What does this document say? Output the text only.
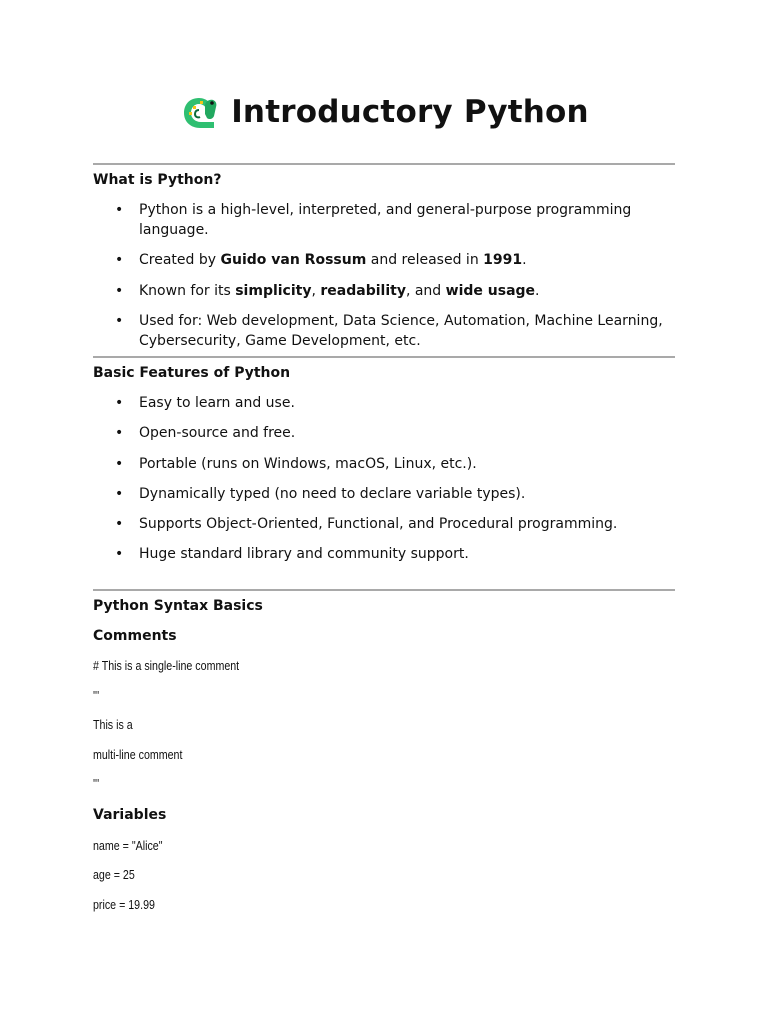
Introductory Python
What is Python?
• Python is a high-level, interpreted, and general-purpose programming language.
• Created by Guido van Rossum and released in 1991.
• Known for its simplicity, readability, and wide usage.
• Used for: Web development, Data Science, Automation, Machine Learning, Cybersecurity, Game Development, etc.
Basic Features of Python
• Easy to learn and use.
• Open-source and free.
• Portable (runs on Windows, macOS, Linux, etc.).
• Dynamically typed (no need to declare variable types).
• Supports Object-Oriented, Functional, and Procedural programming.
• Huge standard library and community support.
Python Syntax Basics
Comments
# This is a single-line comment
'''
This is a
multi-line comment
'''
Variables
name = "Alice"
age = 25
price = 19.99
